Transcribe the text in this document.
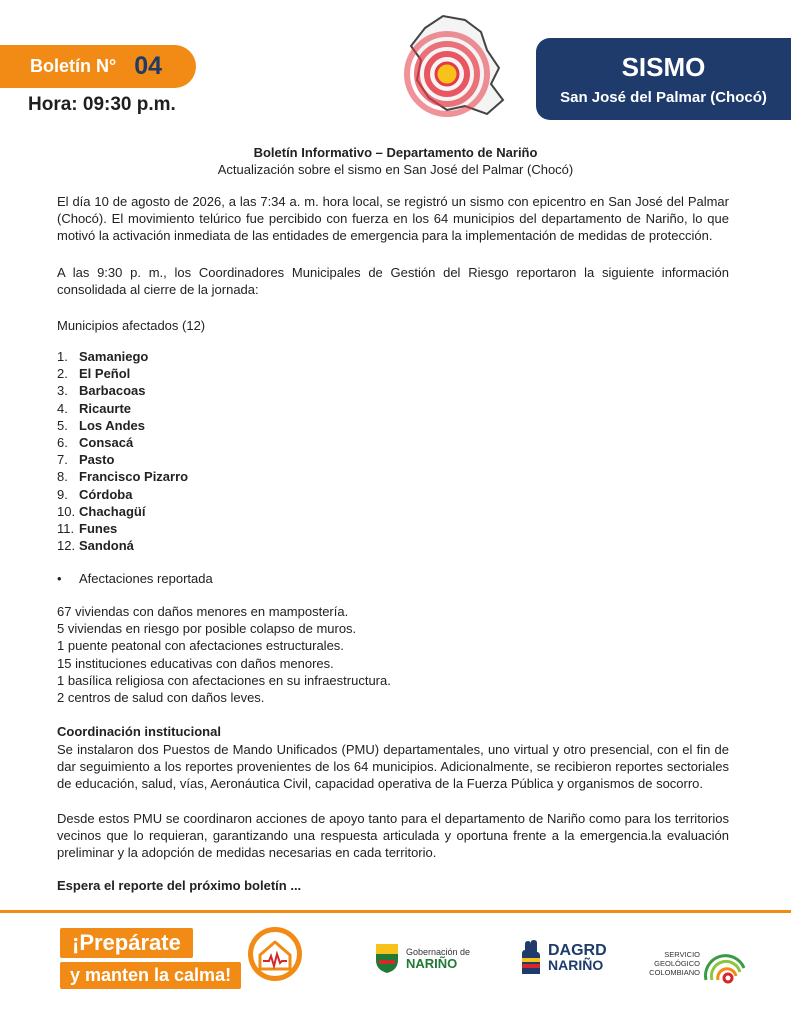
Boletín N° 04
Hora: 09:30 p.m.
SISMO
San José del Palmar (Chocó)
Boletín Informativo – Departamento de Nariño
Actualización sobre el sismo en San José del Palmar (Chocó)

El día 10 de agosto de 2026, a las 7:34 a. m. hora local, se registró un sismo con epicentro en San José del Palmar (Chocó). El movimiento telúrico fue percibido con fuerza en los 64 municipios del departamento de Nariño, lo que motivó la activación inmediata de las entidades de emergencia para la implementación de medidas de protección.

A las 9:30 p. m., los Coordinadores Municipales de Gestión del Riesgo reportaron la siguiente información consolidada al cierre de la jornada:

Municipios afectados (12)

1. Samaniego
2. El Peñol
3. Barbacoas
4. Ricaurte
5. Los Andes
6. Consacá
7. Pasto
8. Francisco Pizarro
9. Córdoba
10. Chachagüí
11. Funes
12. Sandoná
•	Afectaciones reportada
67 viviendas con daños menores en mampostería.
5 viviendas en riesgo por posible colapso de muros.
1 puente peatonal con afectaciones estructurales.
15 instituciones educativas con daños menores.
1 basílica religiosa con afectaciones en su infraestructura.
2 centros de salud con daños leves.
Coordinación institucional

Se instalaron dos Puestos de Mando Unificados (PMU) departamentales, uno virtual y otro presencial, con el fin de dar seguimiento a los reportes provenientes de los 64 municipios. Adicionalmente, se recibieron reportes sectoriales de educación, salud, vías, Aeronáutica Civil, capacidad operativa de la Fuerza Pública y organismos de socorro.

Desde estos PMU se coordinaron acciones de apoyo tanto para el departamento de Nariño como para los territorios vecinos que lo requieran, garantizando una respuesta articulada y oportuna frente a la emergencia.la evaluación preliminar y la adopción de medidas necesarias en cada territorio.

Espera el reporte del próximo boletín ...
¡Prepárate
y manten la calma!
Gobernación de
NARIÑO
DAGRD
NARIÑO
SERVICIO GEOLÓGICO COLOMBIANO
